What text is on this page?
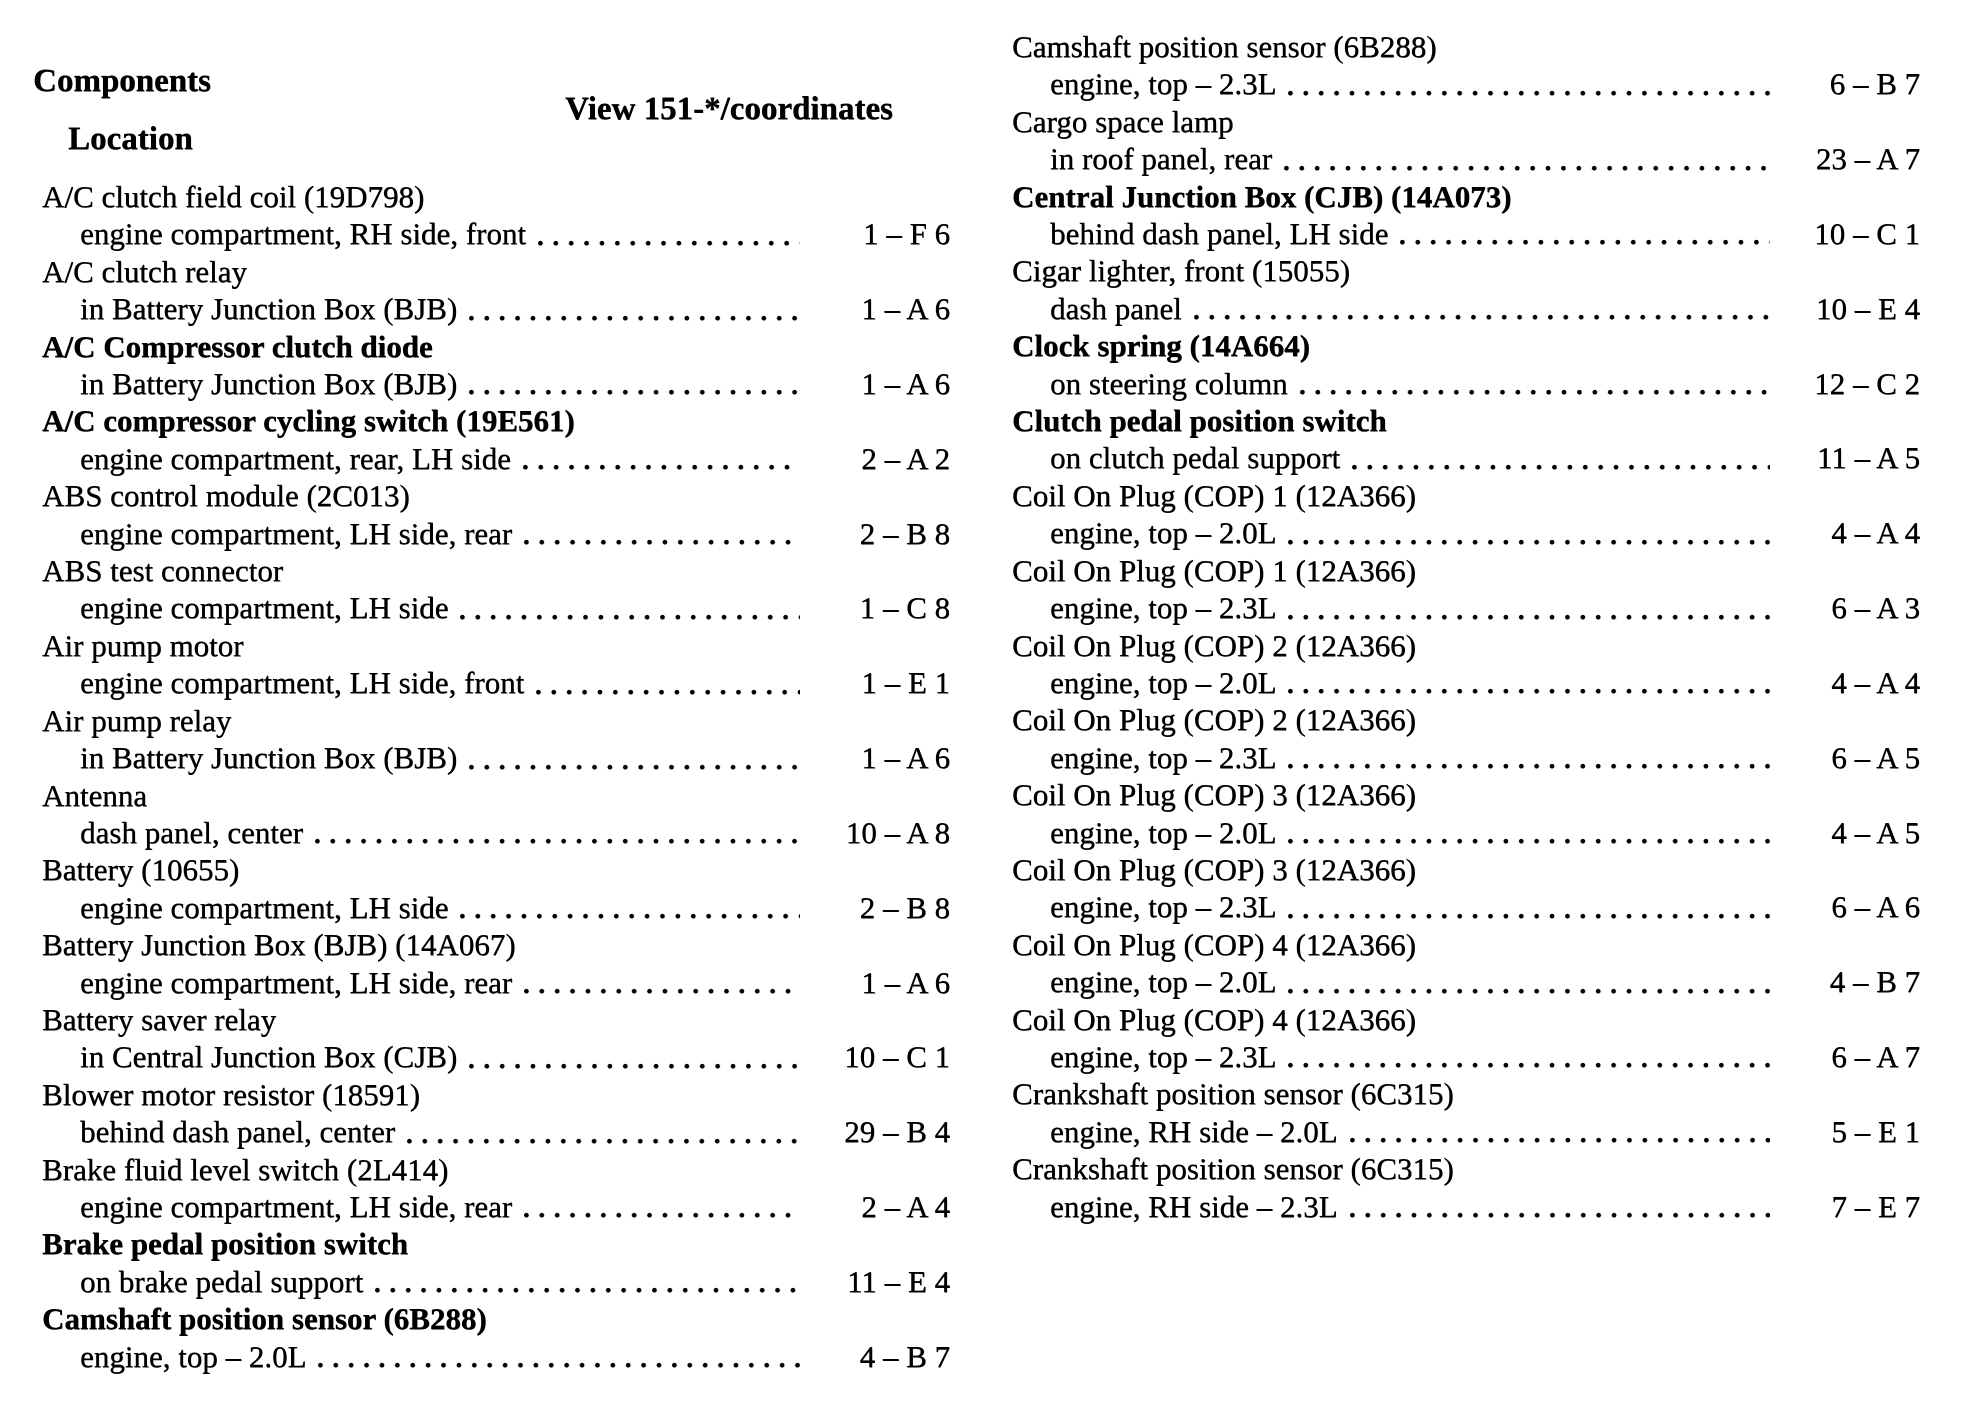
Components
Location
View 151-*/coordinates
A/C clutch field coil (19D798)
engine compartment, RH side, front	1 – F 6
A/C clutch relay
in Battery Junction Box (BJB)	1 – A 6
A/C Compressor clutch diode
in Battery Junction Box (BJB)	1 – A 6
A/C compressor cycling switch (19E561)
engine compartment, rear, LH side	2 – A 2
ABS control module (2C013)
engine compartment, LH side, rear	2 – B 8
ABS test connector
engine compartment, LH side	1 – C 8
Air pump motor
engine compartment, LH side, front	1 – E 1
Air pump relay
in Battery Junction Box (BJB)	1 – A 6
Antenna
dash panel, center	10 – A 8
Battery (10655)
engine compartment, LH side	2 – B 8
Battery Junction Box (BJB) (14A067)
engine compartment, LH side, rear	1 – A 6
Battery saver relay
in Central Junction Box (CJB)	10 – C 1
Blower motor resistor (18591)
behind dash panel, center	29 – B 4
Brake fluid level switch (2L414)
engine compartment, LH side, rear	2 – A 4
Brake pedal position switch
on brake pedal support	11 – E 4
Camshaft position sensor (6B288)
engine, top – 2.0L	4 – B 7
Camshaft position sensor (6B288)
engine, top – 2.3L	6 – B 7
Cargo space lamp
in roof panel, rear	23 – A 7
Central Junction Box (CJB) (14A073)
behind dash panel, LH side	10 – C 1
Cigar lighter, front (15055)
dash panel	10 – E 4
Clock spring (14A664)
on steering column	12 – C 2
Clutch pedal position switch
on clutch pedal support	11 – A 5
Coil On Plug (COP) 1 (12A366)
engine, top – 2.0L	4 – A 4
Coil On Plug (COP) 1 (12A366)
engine, top – 2.3L	6 – A 3
Coil On Plug (COP) 2 (12A366)
engine, top – 2.0L	4 – A 4
Coil On Plug (COP) 2 (12A366)
engine, top – 2.3L	6 – A 5
Coil On Plug (COP) 3 (12A366)
engine, top – 2.0L	4 – A 5
Coil On Plug (COP) 3 (12A366)
engine, top – 2.3L	6 – A 6
Coil On Plug (COP) 4 (12A366)
engine, top – 2.0L	4 – B 7
Coil On Plug (COP) 4 (12A366)
engine, top – 2.3L	6 – A 7
Crankshaft position sensor (6C315)
engine, RH side – 2.0L	5 – E 1
Crankshaft position sensor (6C315)
engine, RH side – 2.3L	7 – E 7
